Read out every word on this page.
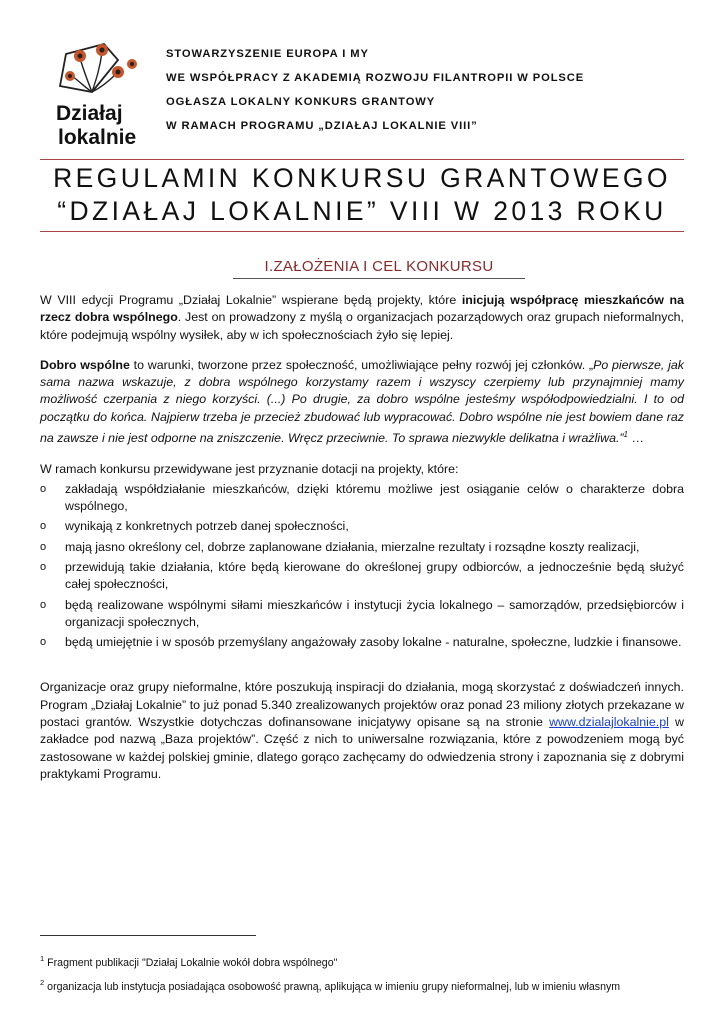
Działaj
lokalnie
STOWARZYSZENIE EUROPA I MY
WE WSPÓŁPRACY Z AKADEMIĄ ROZWOJU FILANTROPII W POLSCE
OGŁASZA LOKALNY KONKURS GRANTOWY
W RAMACH PROGRAMU „DZIAŁAJ LOKALNIE VIII”
REGULAMIN KONKURSU GRANTOWEGO
“DZIAŁAJ LOKALNIE” VIII W 2013 ROKU
I.ZAŁOŻENIA I CEL KONKURSU

W VIII edycji Programu „Działaj Lokalnie” wspierane będą projekty, które inicjują współpracę mieszkańców na rzecz dobra wspólnego. Jest on prowadzony z myślą o organizacjach pozarządowych oraz grupach nieformalnych, które podejmują wspólny wysiłek, aby w ich społecznościach żyło się lepiej.

Dobro wspólne to warunki, tworzone przez społeczność, umożliwiające pełny rozwój jej członków. „Po pierwsze, jak sama nazwa wskazuje, z dobra wspólnego korzystamy razem i wszyscy czerpiemy lub przynajmniej mamy możliwość czerpania z niego korzyści. (...) Po drugie, za dobro wspólne jesteśmy współodpowiedzialni. I to od początku do końca. Najpierw trzeba je przecież zbudować lub wypracować. Dobro wspólne nie jest bowiem dane raz na zawsze i nie jest odporne na zniszczenie. Wręcz przeciwnie. To sprawa niezwykle delikatna i wrażliwa.”$^1$ …

W ramach konkursu przewidywane jest przyznanie dotacji na projekty, które:

o zakładają współdziałanie mieszkańców, dzięki któremu możliwe jest osiąganie celów o charakterze dobra wspólnego,
o wynikają z konkretnych potrzeb danej społeczności,
o mają jasno określony cel, dobrze zaplanowane działania, mierzalne rezultaty i rozsądne koszty realizacji,
o przewidują takie działania, które będą kierowane do określonej grupy odbiorców, a jednocześnie będą służyć całej społeczności,
o będą realizowane wspólnymi siłami mieszkańców i instytucji życia lokalnego – samorządów, przedsiębiorców i organizacji społecznych,
o będą umiejętnie i w sposób przemyślany angażowały zasoby lokalne - naturalne, społeczne, ludzkie i finansowe.

Organizacje oraz grupy nieformalne, które poszukują inspiracji do działania, mogą skorzystać z doświadczeń innych. Program „Działaj Lokalnie” to już ponad 5.340 zrealizowanych projektów oraz ponad 23 miliony złotych przekazane w postaci grantów. Wszystkie dotychczas dofinansowane inicjatywy opisane są na stronie www.dzialajlokalnie.pl w zakładce pod nazwą „Baza projektów”. Część z nich to uniwersalne rozwiązania, które z powodzeniem mogą być zastosowane w każdej polskiej gminie, dlatego gorąco zachęcamy do odwiedzenia strony i zapoznania się z dobrymi praktykami Programu.

$^1$ Fragment publikacji "Działaj Lokalnie wokół dobra wspólnego"
$^2$ organizacja lub instytucja posiadająca osobowość prawną, aplikująca w imieniu grupy nieformalnej, lub w imieniu własnym
